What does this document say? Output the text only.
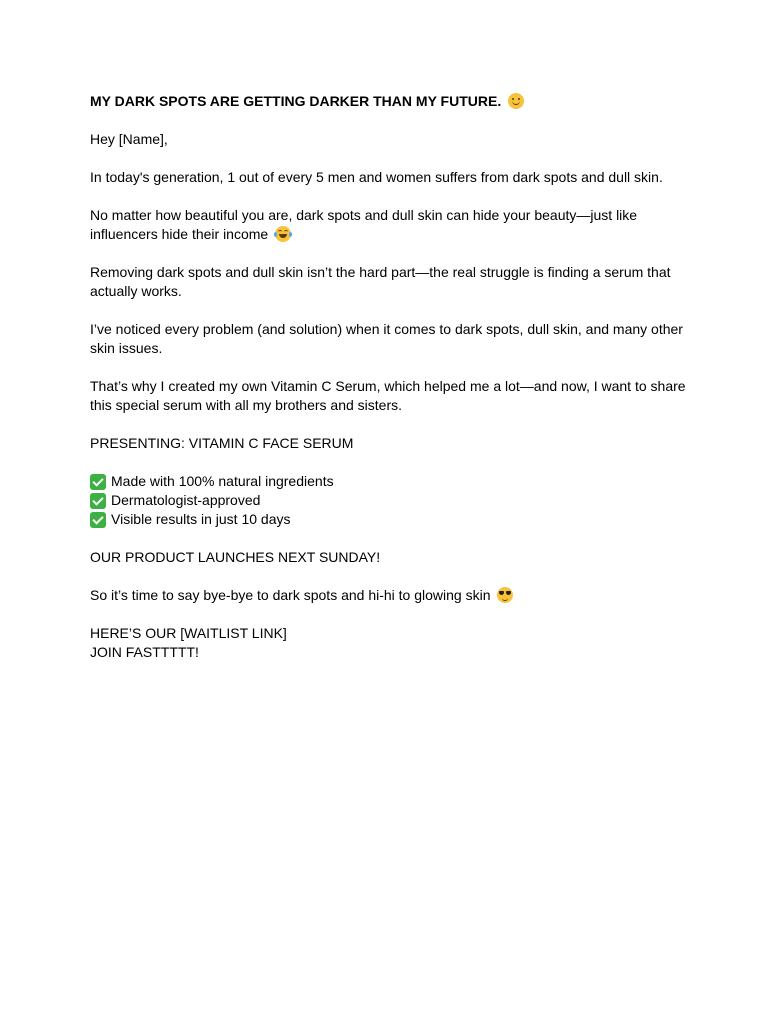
MY DARK SPOTS ARE GETTING DARKER THAN MY FUTURE.

Hey [Name],

In today's generation, 1 out of every 5 men and women suffers from dark spots and dull skin.

No matter how beautiful you are, dark spots and dull skin can hide your beauty—just like influencers hide their income

Removing dark spots and dull skin isn’t the hard part—the real struggle is finding a serum that actually works.

I’ve noticed every problem (and solution) when it comes to dark spots, dull skin, and many other skin issues.

That’s why I created my own Vitamin C Serum, which helped me a lot—and now, I want to share this special serum with all my brothers and sisters.

PRESENTING: VITAMIN C FACE SERUM

Made with 100% natural ingredients
Dermatologist-approved
Visible results in just 10 days

OUR PRODUCT LAUNCHES NEXT SUNDAY!

So it’s time to say bye-bye to dark spots and hi-hi to glowing skin

HERE’S OUR [WAITLIST LINK]
JOIN FASTTTTT!
